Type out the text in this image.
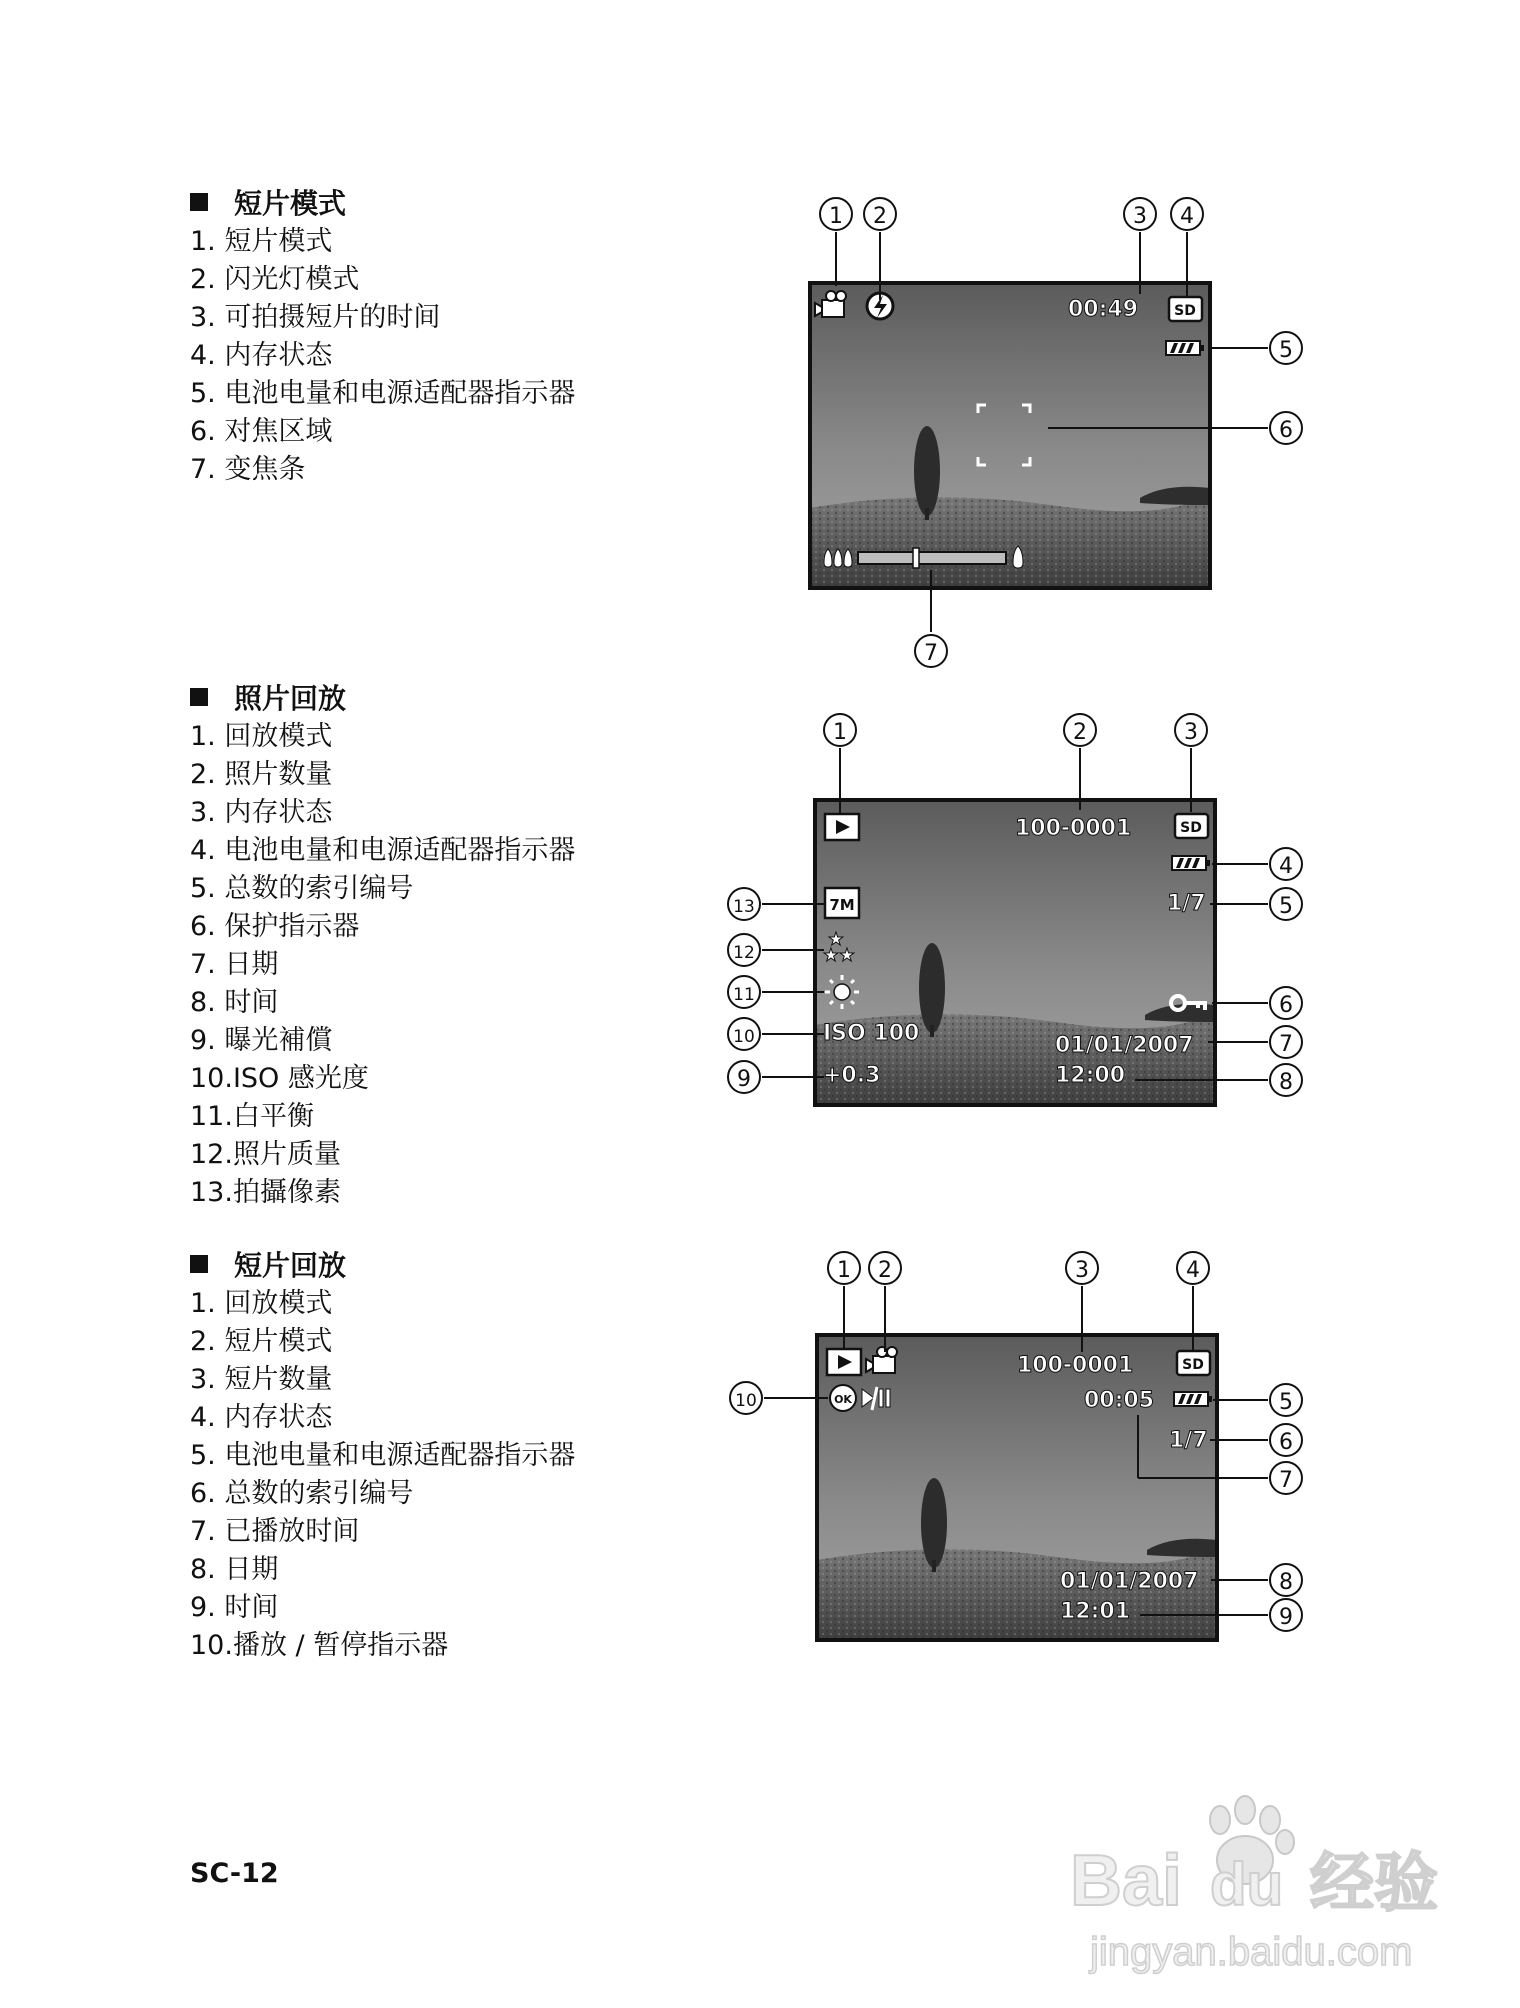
短片模式
1. 短片模式
2. 闪光灯模式
3. 可拍摄短片的时间
4. 内存状态
5. 电池电量和电源适配器指示器
6. 对焦区域
7. 变焦条
照片回放
1. 回放模式
2. 照片数量
3. 内存状态
4. 电池电量和电源适配器指示器
5. 总数的索引编号
6. 保护指示器
7. 日期
8. 时间
9. 曝光補償
10.ISO 感光度
11.白平衡
12.照片质量
13.拍攝像素
短片回放
1. 回放模式
2. 短片模式
3. 短片数量
4. 内存状态
5. 电池电量和电源适配器指示器
6. 总数的索引编号
7. 已播放时间
8. 日期
9. 时间
10.播放 / 暂停指示器
00:49	SD
1 2	3 4
5
6
7
100-0001	SD
1/7
7M
★
★ ★
ISO 100
+0.3
01/01/2007
12:00
1	2	3
4
5
6
7
8
9
10
11
12
13
100-0001	SD
OK	00:05
1/7
01/01/2007
12:01
1 2	3	4
5
6
7
8
9
10
SC-12	Bai du 经验
jingyan.baidu.com
